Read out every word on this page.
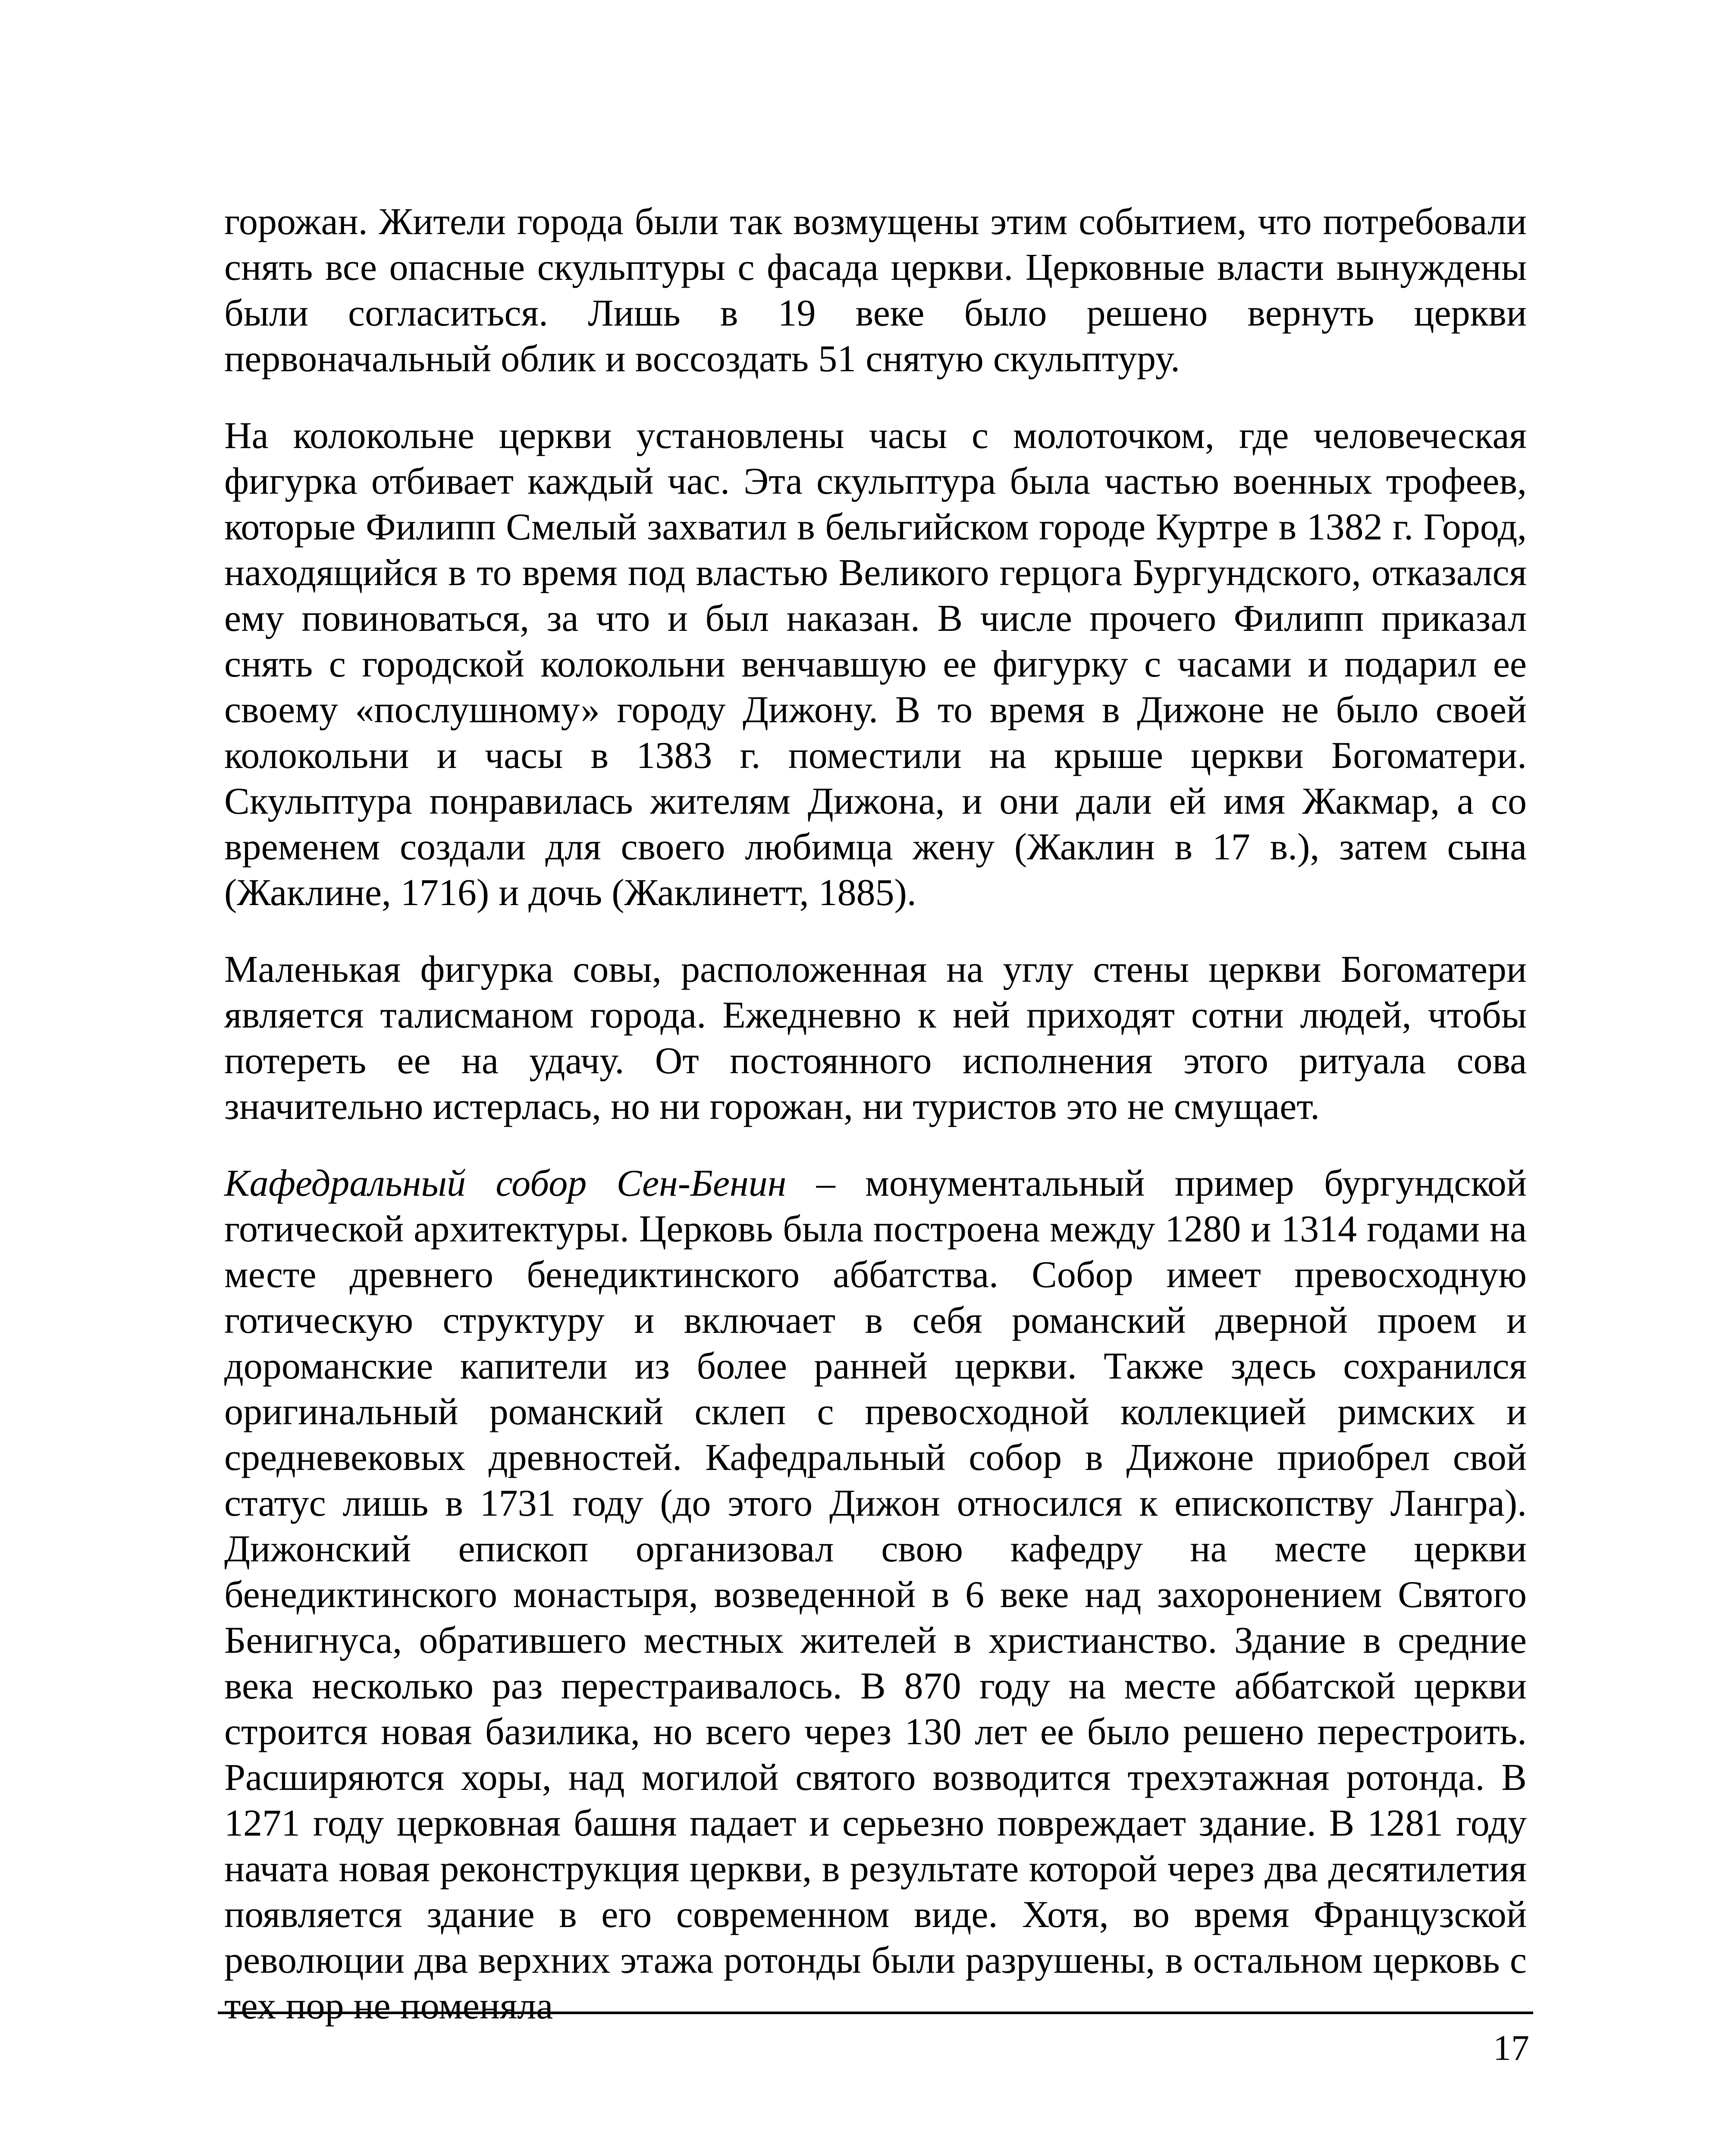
горожан. Жители города были так возмущены этим событием, что потребовали снять все опасные скульптуры с фасада церкви. Церковные власти вынуждены были согласиться. Лишь в 19 веке было решено вернуть церкви первоначальный облик и воссоздать 51 снятую скульптуру.

На колокольне церкви установлены часы с молоточком, где человеческая фигурка отбивает каждый час. Эта скульптура была частью военных трофеев, которые Филипп Смелый захватил в бельгийском городе Куртре в 1382 г. Город, находящийся в то время под властью Великого герцога Бургундского, отказался ему повиноваться, за что и был наказан. В числе прочего Филипп приказал снять с городской колокольни венчавшую ее фигурку с часами и подарил ее своему «послушному» городу Дижону. В то время в Дижоне не было своей колокольни и часы в 1383 г. поместили на крыше церкви Богоматери. Скульптура понравилась жителям Дижона, и они дали ей имя Жакмар, а со временем создали для своего любимца жену (Жаклин в 17 в.), затем сына (Жаклине, 1716) и дочь (Жаклинетт, 1885).

Маленькая фигурка совы, расположенная на углу стены церкви Богоматери является талисманом города. Ежедневно к ней приходят сотни людей, чтобы потереть ее на удачу. От постоянного исполнения этого ритуала сова значительно истерлась, но ни горожан, ни туристов это не смущает.

Кафедральный собор Сен-Бенин – монументальный пример бургундской готической архитектуры. Церковь была построена между 1280 и 1314 годами на месте древнего бенедиктинского аббатства. Собор имеет превосходную готическую структуру и включает в себя романский дверной проем и дороманские капители из более ранней церкви. Также здесь сохранился оригинальный романский склеп с превосходной коллекцией римских и средневековых древностей. Кафедральный собор в Дижоне приобрел свой статус лишь в 1731 году (до этого Дижон относился к епископству Лангра). Дижонский епископ организовал свою кафедру на месте церкви бенедиктинского монастыря, возведенной в 6 веке над захоронением Святого Бенигнуса, обратившего местных жителей в христианство. Здание в средние века несколько раз перестраивалось. В 870 году на месте аббатской церкви строится новая базилика, но всего через 130 лет ее было решено перестроить. Расширяются хоры, над могилой святого возводится трехэтажная ротонда. В 1271 году церковная башня падает и серьезно повреждает здание. В 1281 году начата новая реконструкция церкви, в результате которой через два десятилетия появляется здание в его современном виде. Хотя, во время Французской революции два верхних этажа ротонды были разрушены, в остальном церковь с тех пор не поменяла

17
